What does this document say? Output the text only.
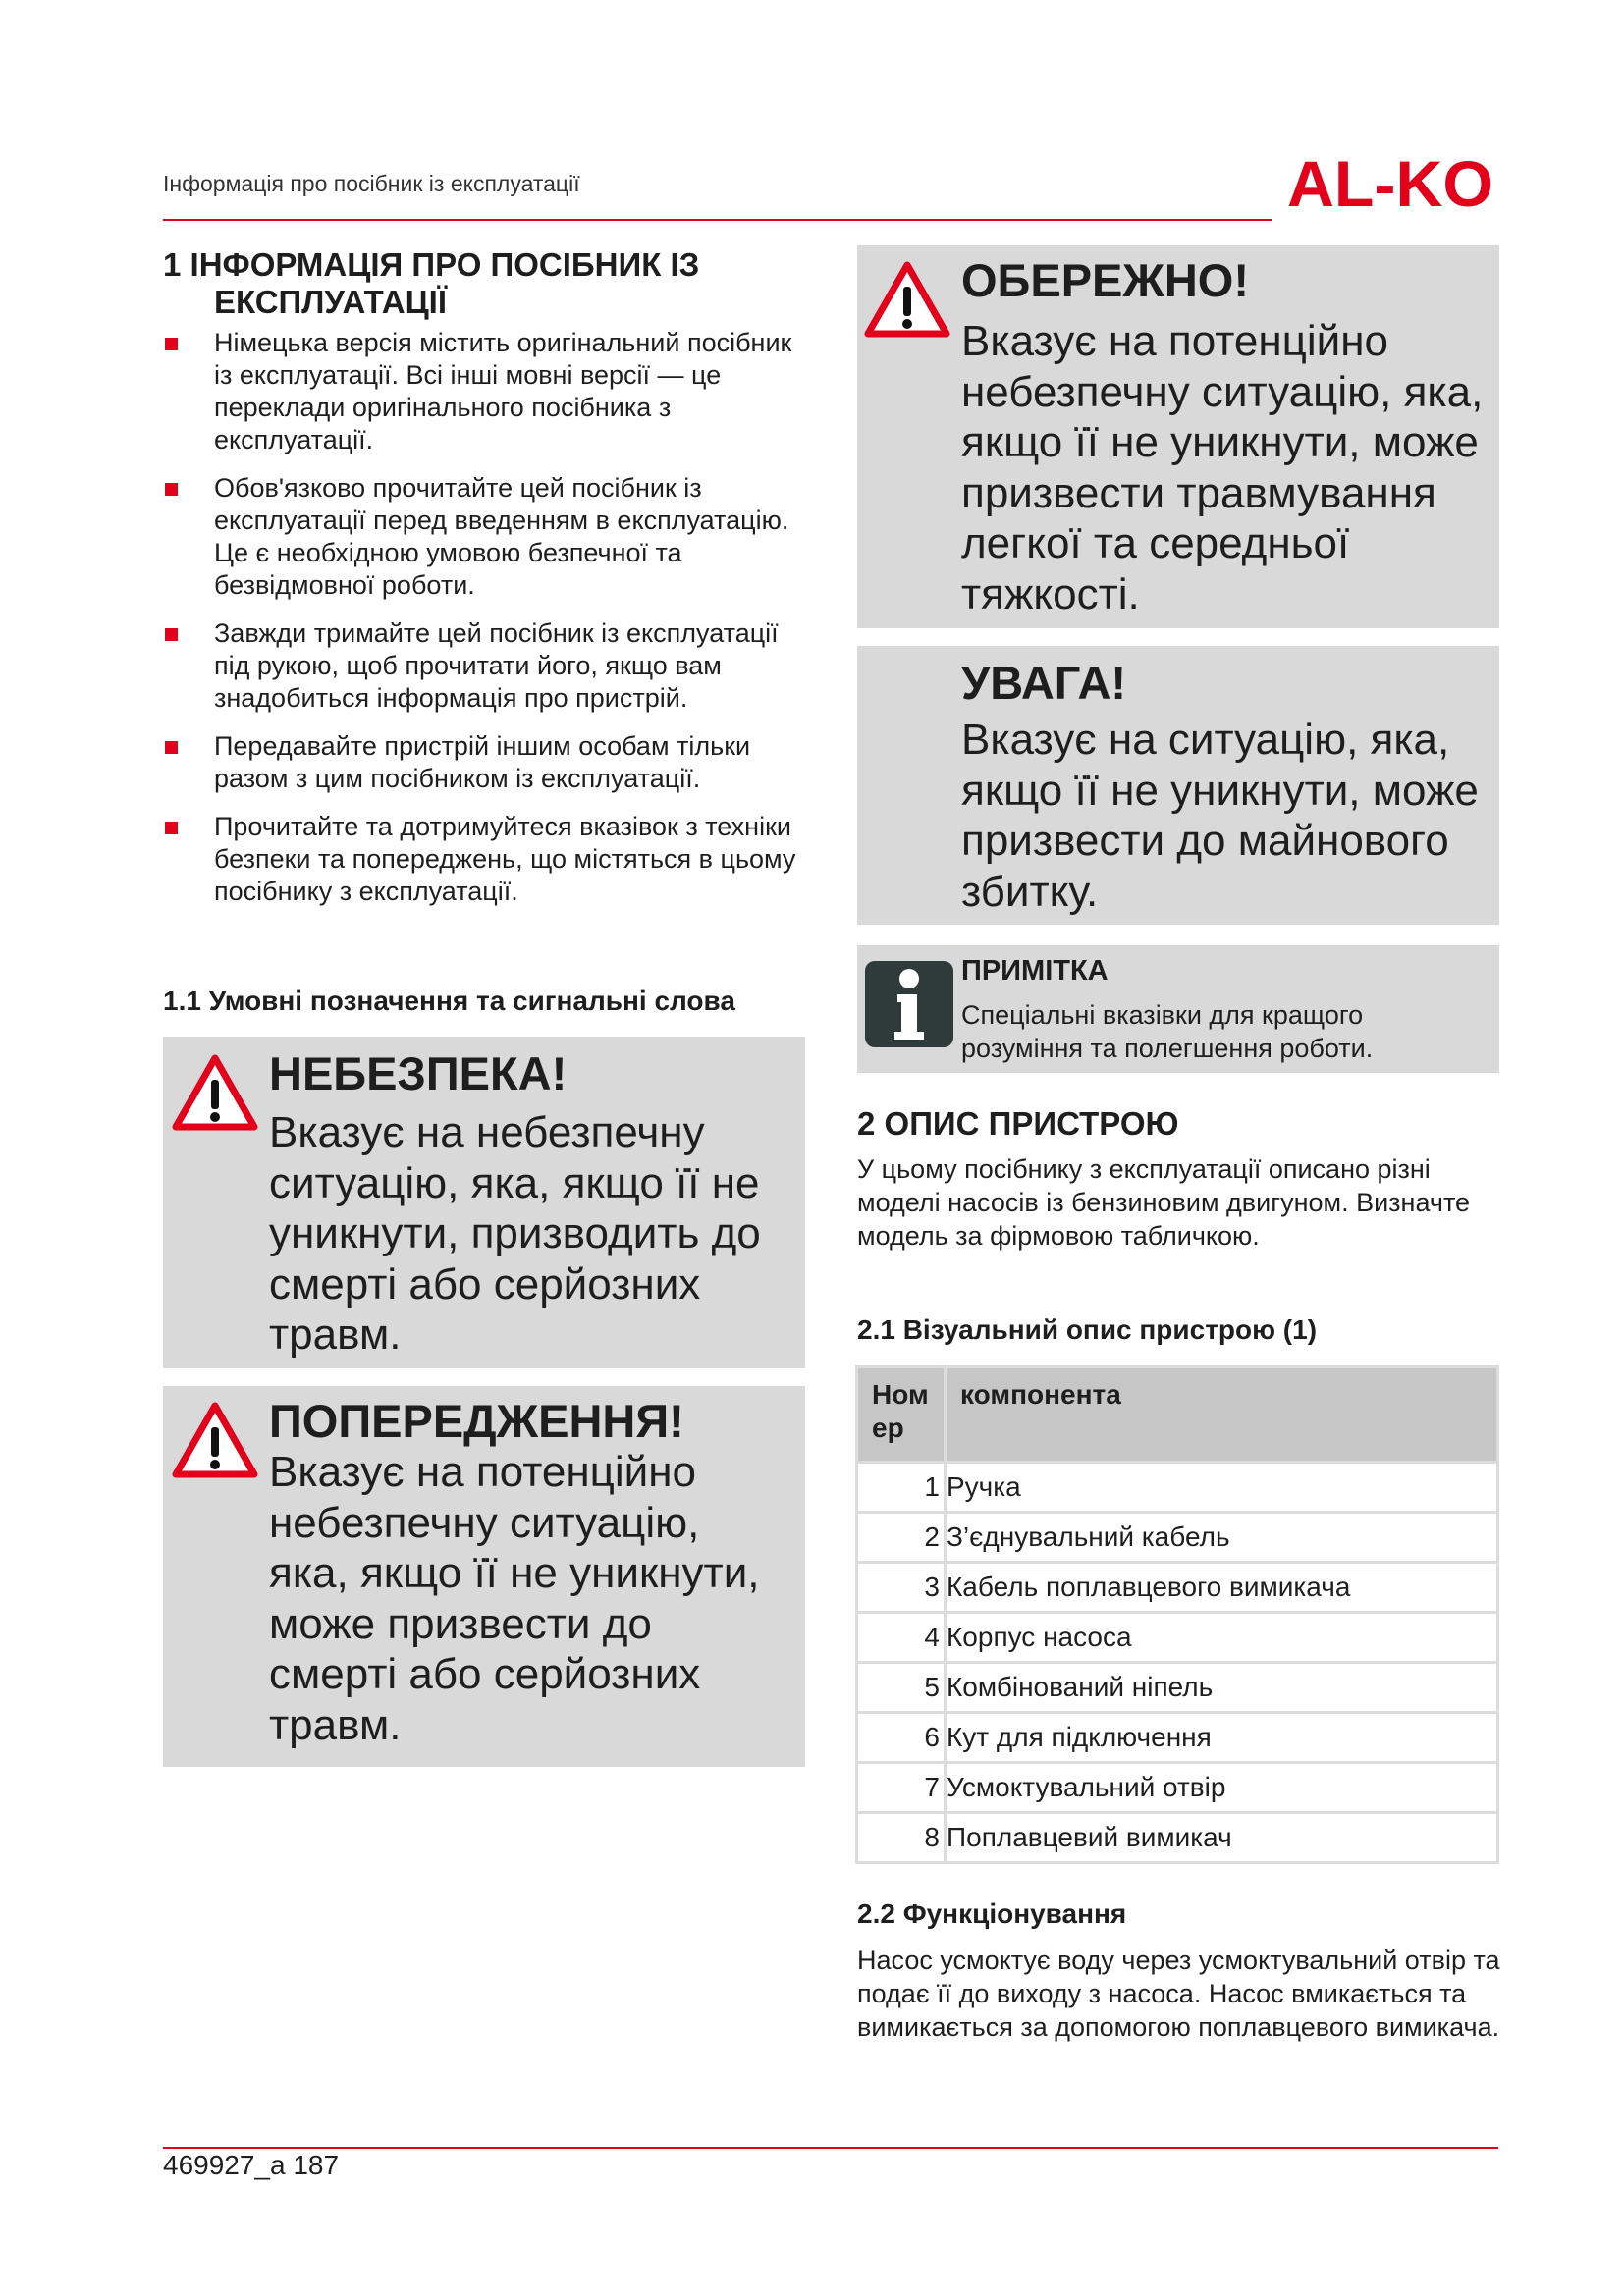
Інформація про посібник із експлуатації	AL-KO
1 ІНФОРМАЦІЯ ПРО ПОСІБНИК ІЗ
ЕКСПЛУАТАЦІЇ
Німецька версія містить оригінальний посібник із експлуатації. Всі інші мовні версії — це переклади оригінального посібника з експлуатації.
Обов'язково прочитайте цей посібник із експлуатації перед введенням в експлуатацію. Це є необхідною умовою безпечної та безвідмовної роботи.
Завжди тримайте цей посібник із експлуатації під рукою, щоб прочитати його, якщо вам знадобиться інформація про пристрій.
Передавайте пристрій іншим особам тільки разом з цим посібником із експлуатації.
Прочитайте та дотримуйтеся вказівок з техніки безпеки та попереджень, що містяться в цьому посібнику з експлуатації.
1.1 Умовні позначення та сигнальні слова
НЕБЕЗПЕКА!
Вказує на небезпечну ситуацію, яка, якщо її не уникнути, призводить до смерті або серйозних травм.
ПОПЕРЕДЖЕННЯ!
Вказує на потенційно небезпечну ситуацію, яка, якщо її не уникнути, може призвести до смерті або серйозних травм.
ОБЕРЕЖНО!
Вказує на потенційно небезпечну ситуацію, яка, якщо її не уникнути, може призвести травмування легкої та середньої тяжкості.
УВАГА!
Вказує на ситуацію, яка, якщо її не уникнути, може призвести до майнового збитку.
ПРИМІТКА
Спеціальні вказівки для кращого розуміння та полегшення роботи.
2 ОПИС ПРИСТРОЮ
У цьому посібнику з експлуатації описано різні моделі насосів із бензиновим двигуном. Визначте модель за фірмовою табличкою.
2.1 Візуальний опис пристрою (1)
Номер	компонента
1	Ручка
2	З’єднувальний кабель
3	Кабель поплавцевого вимикача
4	Корпус насоса
5	Комбінований ніпель
6	Кут для підключення
7	Усмоктувальний отвір
8	Поплавцевий вимикач
2.2 Функціонування
Насос усмоктує воду через усмоктувальний отвір та подає її до виходу з насоса. Насос вмикається та вимикається за допомогою поплавцевого вимикача.
469927_a 187
